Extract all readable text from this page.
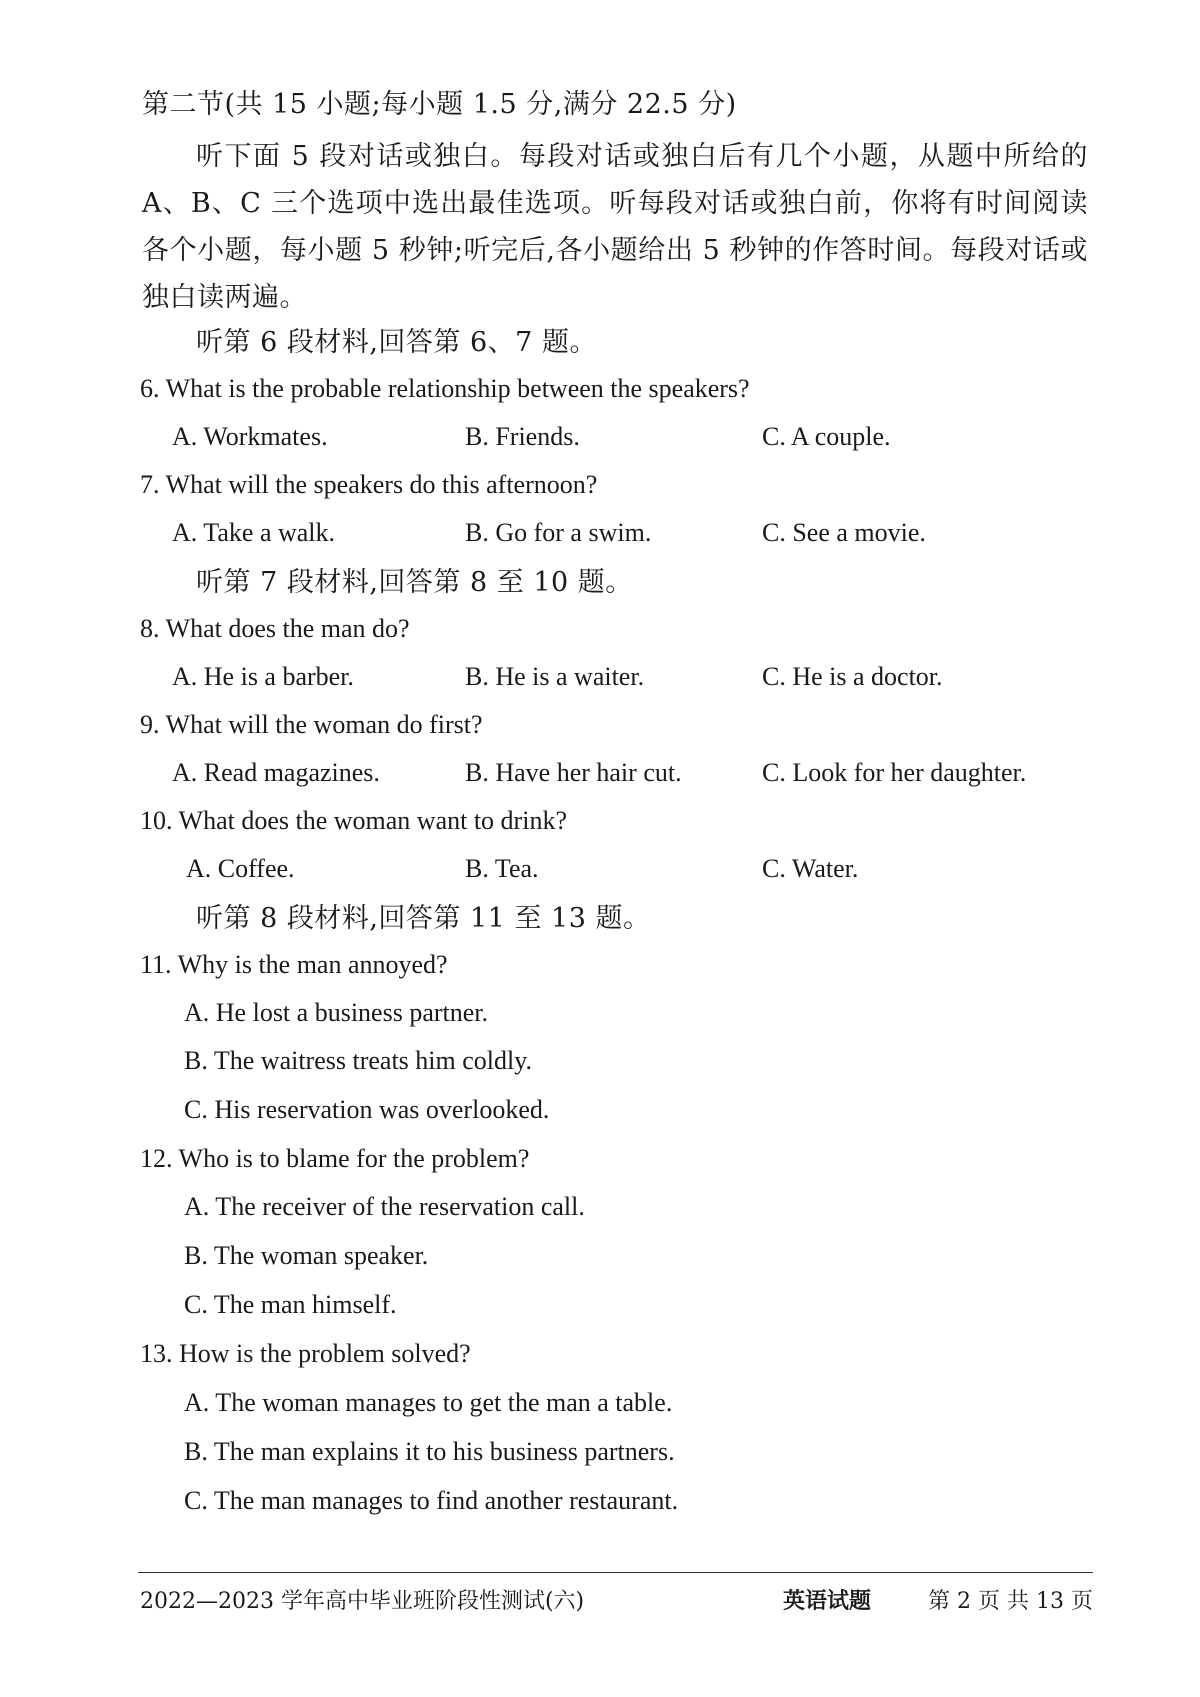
第二节(共 15 小题;每小题 1.5 分,满分 22.5 分)
听下面 5 段对话或独白。每段对话或独白后有几个小题，从题中所给的 A、B、C 三个选项中选出最佳选项。听每段对话或独白前，你将有时间阅读各个小题，每小题 5 秒钟;听完后,各小题给出 5 秒钟的作答时间。每段对话或独白读两遍。
听第 6 段材料,回答第 6、7 题。
6. What is the probable relationship between the speakers?
A. Workmates.	B. Friends.	C. A couple.
7. What will the speakers do this afternoon?
A. Take a walk.	B. Go for a swim.	C. See a movie.
听第 7 段材料,回答第 8 至 10 题。
8. What does the man do?
A. He is a barber.	B. He is a waiter.	C. He is a doctor.
9. What will the woman do first?
A. Read magazines.	B. Have her hair cut.	C. Look for her daughter.
10. What does the woman want to drink?
A. Coffee.	B. Tea.	C. Water.
听第 8 段材料,回答第 11 至 13 题。
11. Why is the man annoyed?
A. He lost a business partner.
B. The waitress treats him coldly.
C. His reservation was overlooked.
12. Who is to blame for the problem?
A. The receiver of the reservation call.
B. The woman speaker.
C. The man himself.
13. How is the problem solved?
A. The woman manages to get the man a table.
B. The man explains it to his business partners.
C. The man manages to find another restaurant.
2022—2023 学年高中毕业班阶段性测试(六)	英语试题	第 2 页 共 13 页
